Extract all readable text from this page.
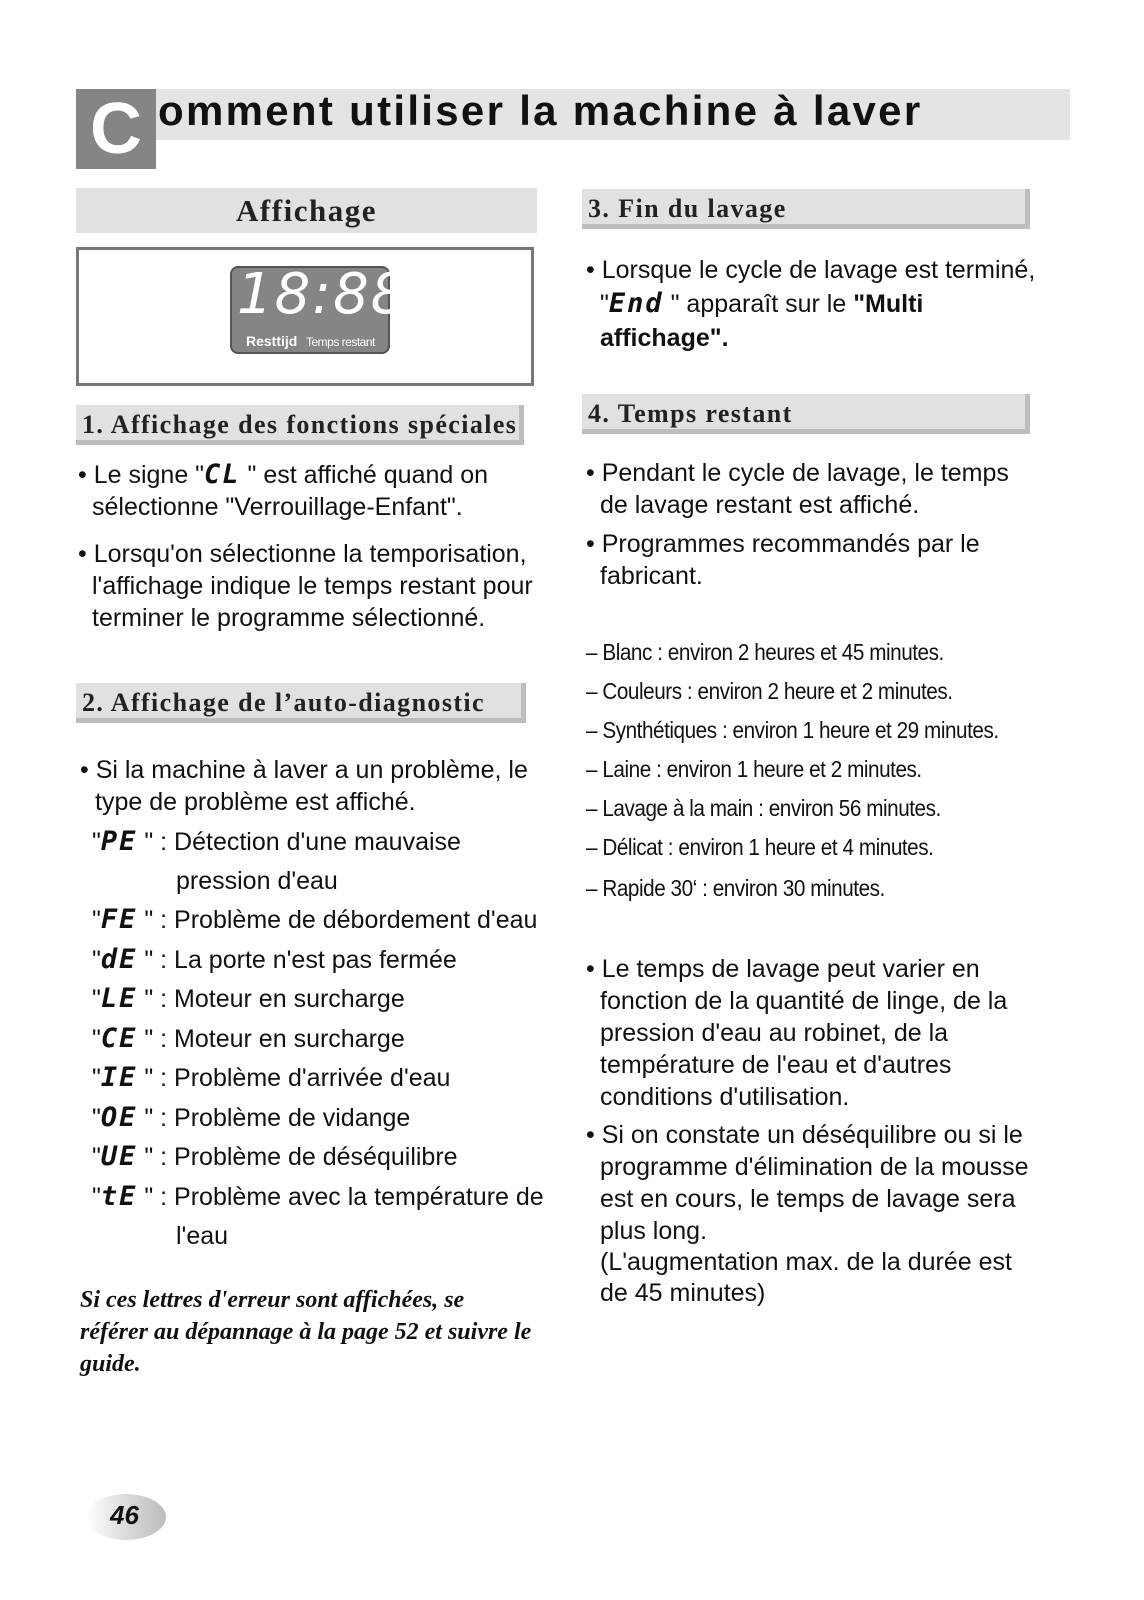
C omment utiliser la machine à laver
Affichage
18:88
Resttijd Temps restant
1. Affichage des fonctions spéciales
• Le signe "CL " est affiché quand on
sélectionne "Verrouillage-Enfant".
• Lorsqu'on sélectionne la temporisation,
l'affichage indique le temps restant pour
terminer le programme sélectionné.
2. Affichage de l’auto-diagnostic
• Si la machine à laver a un problème, le
type de problème est affiché.
"PE " : Détection d'une mauvaise
pression d'eau
"FE " : Problème de débordement d'eau
"dE " : La porte n'est pas fermée
"LE " : Moteur en surcharge
"CE " : Moteur en surcharge
"IE " : Problème d'arrivée d'eau
"OE " : Problème de vidange
"UE " : Problème de déséquilibre
"tE " : Problème avec la température de
l'eau
Si ces lettres d'erreur sont affichées, se
référer au dépannage à la page 52 et suivre le
guide.
3. Fin du lavage
• Lorsque le cycle de lavage est terminé,
"End " apparaît sur le "Multi
affichage".
4. Temps restant
• Pendant le cycle de lavage, le temps
de lavage restant est affiché.
• Programmes recommandés par le
fabricant.
– Blanc : environ 2 heures et 45 minutes.
– Couleurs : environ 2 heure et 2 minutes.
– Synthétiques : environ 1 heure et 29 minutes.
– Laine : environ 1 heure et 2 minutes.
– Lavage à la main : environ 56 minutes.
– Délicat : environ 1 heure et 4 minutes.
– Rapide 30‘ : environ 30 minutes.
• Le temps de lavage peut varier en
fonction de la quantité de linge, de la
pression d'eau au robinet, de la
température de l'eau et d'autres
conditions d'utilisation.
• Si on constate un déséquilibre ou si le
programme d'élimination de la mousse
est en cours, le temps de lavage sera
plus long.
(L'augmentation max. de la durée est
de 45 minutes)
46
